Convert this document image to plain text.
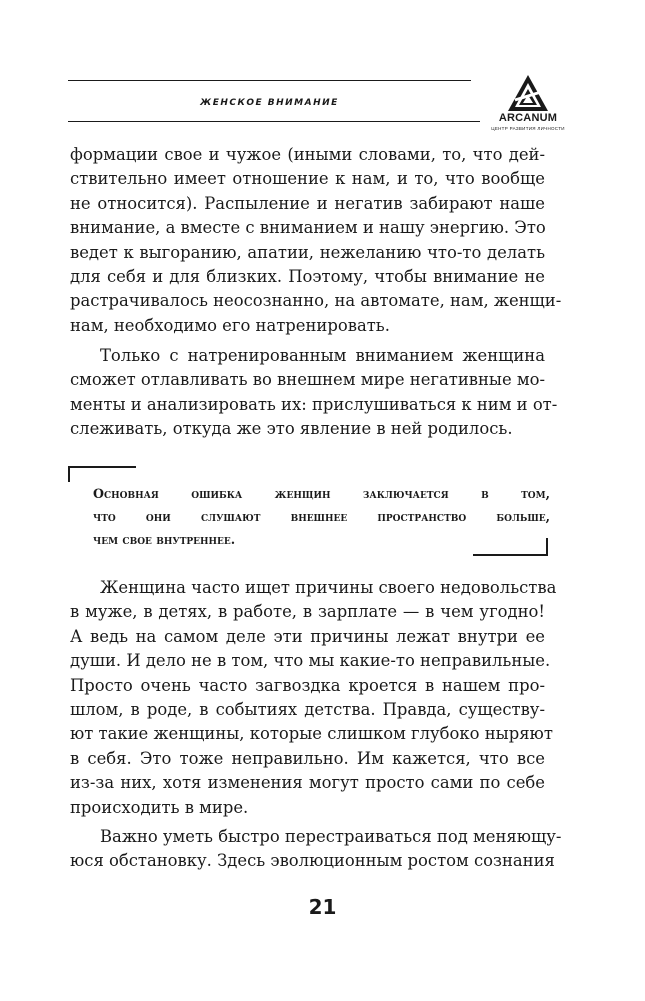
ЖЕНСКОЕ ВНИМАНИЕ
ARCANUM
ЦЕНТР РАЗВИТИЯ ЛИЧНОСТИ
формации свое и чужое (иными словами, то, что дей-
ствительно имеет отношение к нам, и то, что вообще
не относится). Распыление и негатив забирают наше
внимание, а вместе с вниманием и нашу энергию. Это
ведет к выгоранию, апатии, нежеланию что-то делать
для себя и для близких. Поэтому, чтобы внимание не
растрачивалось неосознанно, на автомате, нам, женщи-
нам, необходимо его натренировать.
Только с натренированным вниманием женщина
сможет отлавливать во внешнем мире негативные мо-
менты и анализировать их: прислушиваться к ним и от-
слеживать, откуда же это явление в ней родилось.
Основная ошибка женщин заключается в том,
что они слушают внешнее пространство больше,
чем свое внутреннее.
Женщина часто ищет причины своего недовольства
в муже, в детях, в работе, в зарплате — в чем угодно!
А ведь на самом деле эти причины лежат внутри ее
души. И дело не в том, что мы какие-то неправильные.
Просто очень часто загвоздка кроется в нашем про-
шлом, в роде, в событиях детства. Правда, существу-
ют такие женщины, которые слишком глубоко ныряют
в себя. Это тоже неправильно. Им кажется, что все
из-за них, хотя изменения могут просто сами по себе
происходить в мире.
Важно уметь быстро перестраиваться под меняющу-
юся обстановку. Здесь эволюционным ростом сознания
21
